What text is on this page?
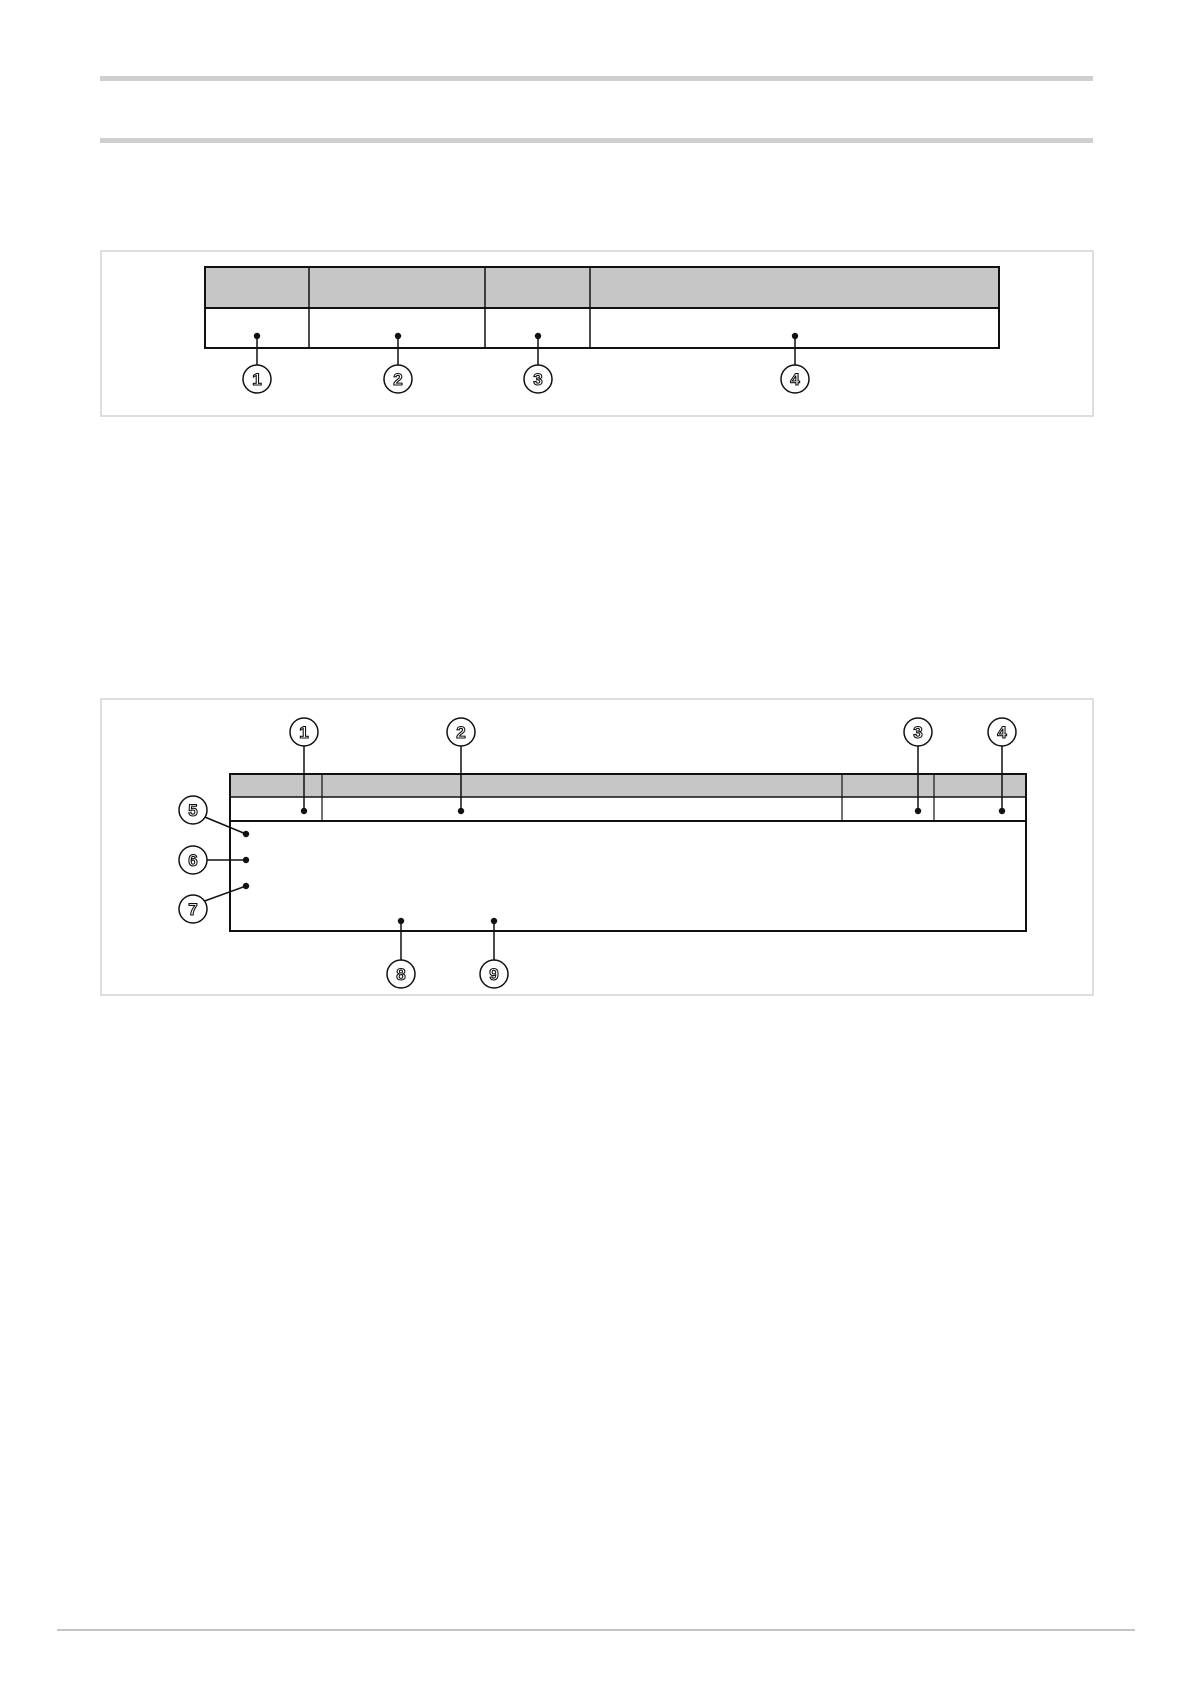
1	2	3	4
1	2	3	4
5
6
7
8	9
